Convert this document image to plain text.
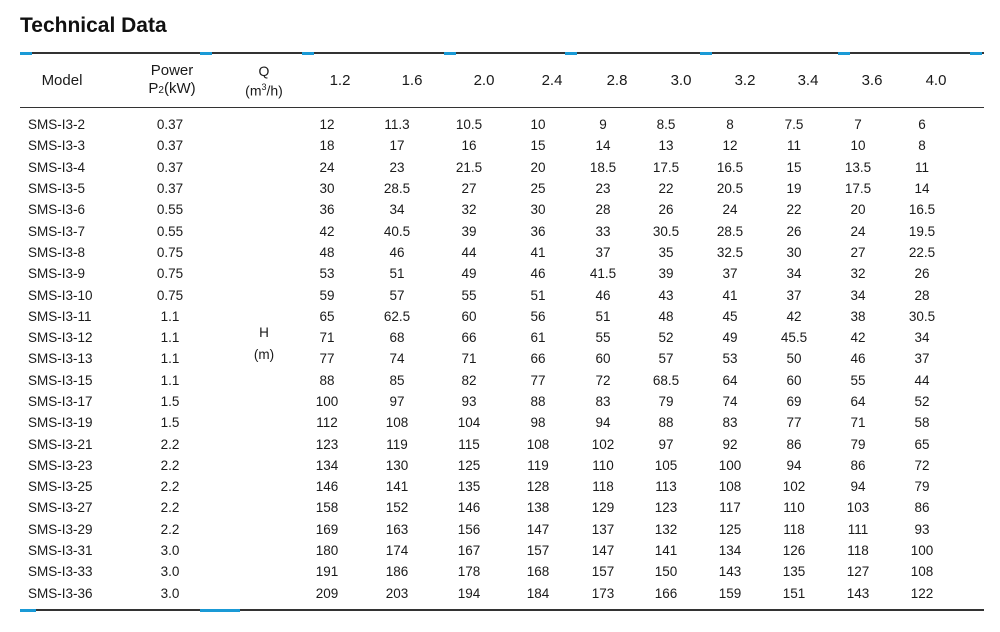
Technical Data
Model
Power
P2(kW)
Q
$(m^3/h)$
1.2	1.6	2.0	2.4	2.8	3.0	3.2	3.4	3.6	4.0
SMS-I3-2	0.37		12	11.3	10.5	10	9	8.5	8	7.5	7	6
SMS-I3-3	0.37		18	17	16	15	14	13	12	11	10	8
SMS-I3-4	0.37		24	23	21.5	20	18.5	17.5	16.5	15	13.5	11
SMS-I3-5	0.37		30	28.5	27	25	23	22	20.5	19	17.5	14
SMS-I3-6	0.55		36	34	32	30	28	26	24	22	20	16.5
SMS-I3-7	0.55		42	40.5	39	36	33	30.5	28.5	26	24	19.5
SMS-I3-8	0.75		48	46	44	41	37	35	32.5	30	27	22.5
SMS-I3-9	0.75		53	51	49	46	41.5	39	37	34	32	26
SMS-I3-10	0.75		59	57	55	51	46	43	41	37	34	28
SMS-I3-11	1.1		65	62.5	60	56	51	48	45	42	38	30.5
SMS-I3-12	1.1		71	68	66	61	55	52	49	45.5	42	34
SMS-I3-13	1.1		77	74	71	66	60	57	53	50	46	37
SMS-I3-15	1.1		88	85	82	77	72	68.5	64	60	55	44
SMS-I3-17	1.5		100	97	93	88	83	79	74	69	64	52
SMS-I3-19	1.5		112	108	104	98	94	88	83	77	71	58
SMS-I3-21	2.2		123	119	115	108	102	97	92	86	79	65
SMS-I3-23	2.2		134	130	125	119	110	105	100	94	86	72
SMS-I3-25	2.2		146	141	135	128	118	113	108	102	94	79
SMS-I3-27	2.2		158	152	146	138	129	123	117	110	103	86
SMS-I3-29	2.2		169	163	156	147	137	132	125	118	111	93
SMS-I3-31	3.0		180	174	167	157	147	141	134	126	118	100
SMS-I3-33	3.0		191	186	178	168	157	150	143	135	127	108
SMS-I3-36	3.0		209	203	194	184	173	166	159	151	143	122
H
(m)
